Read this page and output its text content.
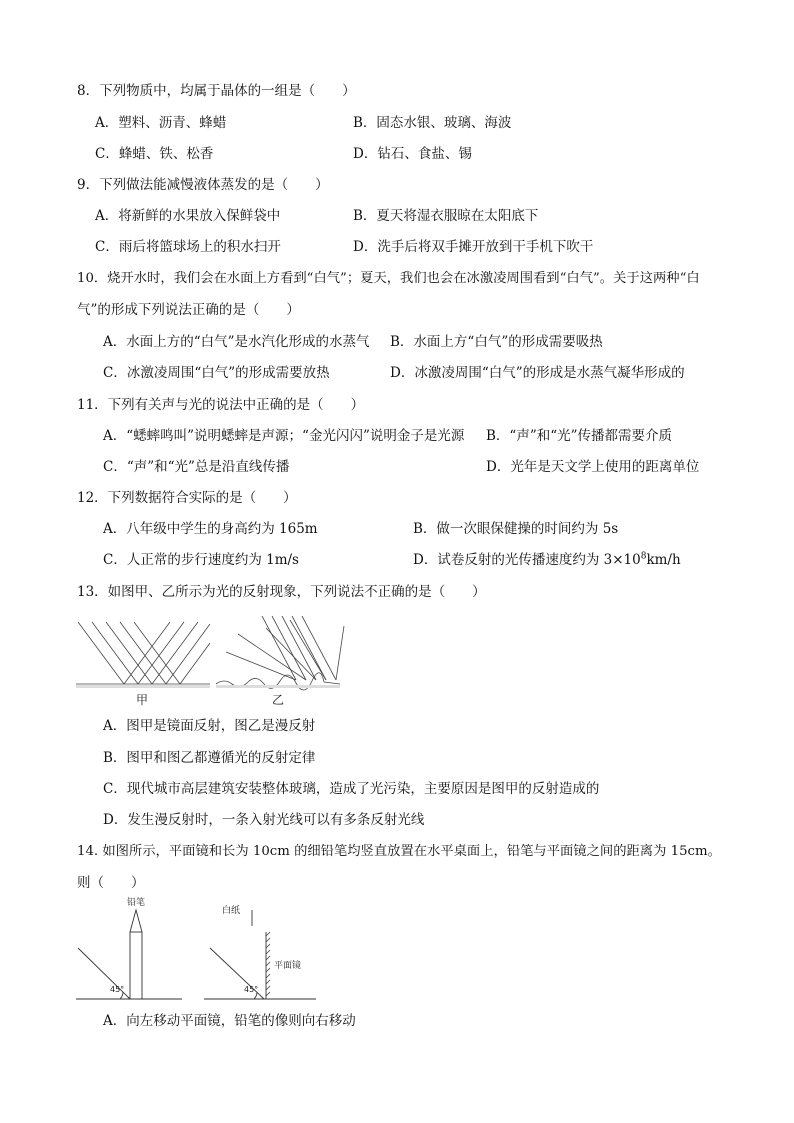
8．下列物质中，均属于晶体的一组是（　　）
A．塑料、沥青、蜂蜡	B．固态水银、玻璃、海波
C．蜂蜡、铁、松香	D．钻石、食盐、锡
9．下列做法能减慢液体蒸发的是（　　）
A．将新鲜的水果放入保鲜袋中	B．夏天将湿衣服晾在太阳底下
C．雨后将篮球场上的积水扫开	D．洗手后将双手摊开放到干手机下吹干
10．烧开水时，我们会在水面上方看到“白气”；夏天，我们也会在冰激凌周围看到“白气”。关于这两种“白
气”的形成下列说法正确的是（　　）
A．水面上方的“白气”是水汽化形成的水蒸气 B．水面上方“白气”的形成需要吸热
C．冰激凌周围“白气”的形成需要放热	D．冰激凌周围“白气”的形成是水蒸气凝华形成的
11．下列有关声与光的说法中正确的是（　　）
A．“蟋蟀鸣叫”说明蟋蟀是声源；“金光闪闪”说明金子是光源 B．“声”和“光”传播都需要介质
C．“声”和“光”总是沿直线传播	D．光年是天文学上使用的距离单位
12．下列数据符合实际的是（　　）
A．八年级中学生的身高约为 165m	B．做一次眼保健操的时间约为 5s
C．人正常的步行速度约为 1m/s	D．试卷反射的光传播速度约为 $3\times 10^8km/h$
13．如图甲、乙所示为光的反射现象，下列说法不正确的是（　　）
甲	乙
A．图甲是镜面反射，图乙是漫反射
B．图甲和图乙都遵循光的反射定律
C．现代城市高层建筑安装整体玻璃，造成了光污染，主要原因是图甲的反射造成的
D．发生漫反射时，一条入射光线可以有多条反射光线
14. 如图所示，平面镜和长为 10cm 的细铅笔均竖直放置在水平桌面上，铅笔与平面镜之间的距离为 15cm。
则（　　）
铅笔
白纸
平面镜
45°	45°
A．向左移动平面镜，铅笔的像则向右移动
